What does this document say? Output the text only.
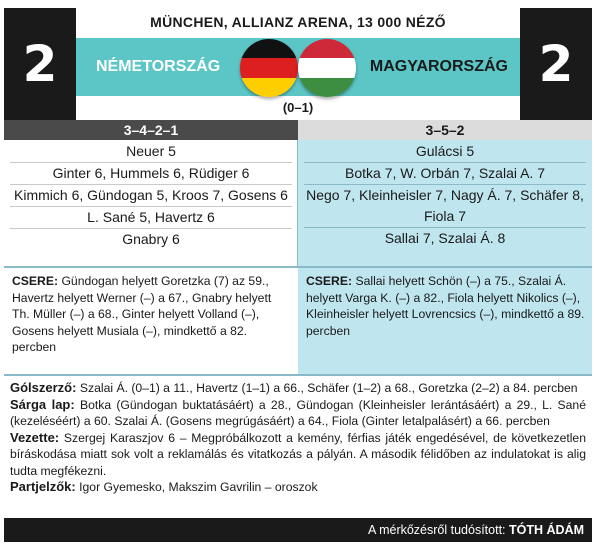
2
MÜNCHEN, ALLIANZ ARENA, 13 000 NÉZŐ
NÉMETORSZÁG	MAGYARORSZÁG 2
(0–1)
3–4–2–1	3–5–2
Neuer 5
Ginter 6, Hummels 6, Rüdiger 6
Kimmich 6, Gündogan 5, Kroos 7, Gosens 6
L. Sané 5, Havertz 6
Gnabry 6
Gulácsi 5
Botka 7, W. Orbán 7, Szalai A. 7
Nego 7, Kleinheisler 7, Nagy Á. 7, Schäfer 8, Fiola 7
Sallai 7, Szalai Á. 8
CSERE: Gündogan helyett Goretzka (7) az 59., Havertz helyett Werner (–) a 67., Gnabry helyett Th. Müller (–) a 68., Ginter helyett Volland (–), Gosens helyett Musiala (–), mindkettő a 82. percben
CSERE: Sallai helyett Schön (–) a 75., Szalai Á. helyett Varga K. (–) a 82., Fiola helyett Nikolics (–), Kleinheisler helyett Lovrencsics (–), mindkettő a 89. percben

Gólszerző: Szalai Á. (0–1) a 11., Havertz (1–1) a 66., Schäfer (1–2) a 68., Goretzka (2–2) a 84. percben

Sárga lap: Botka (Gündogan buktatásáért) a 28., Gündogan (Kleinheisler lerántásáért) a 29., L. Sané (kezeléséért) a 60. Szalai Á. (Gosens megrúgásáért) a 64., Fiola (Ginter letalpalásért) a 66. percben

Vezette: Szergej Karaszjov 6 – Megpróbálkozott a kemény, férfias játék engedésével, de következetlen bíráskodása miatt sok volt a reklamálás és vitatkozás a pályán. A második félidőben az indulatokat is alig tudta megfékezni.

Partjelzők: Igor Gyemesko, Makszim Gavrilin – oroszok

A mérkőzésről tudósított: TÓTH ÁDÁM
